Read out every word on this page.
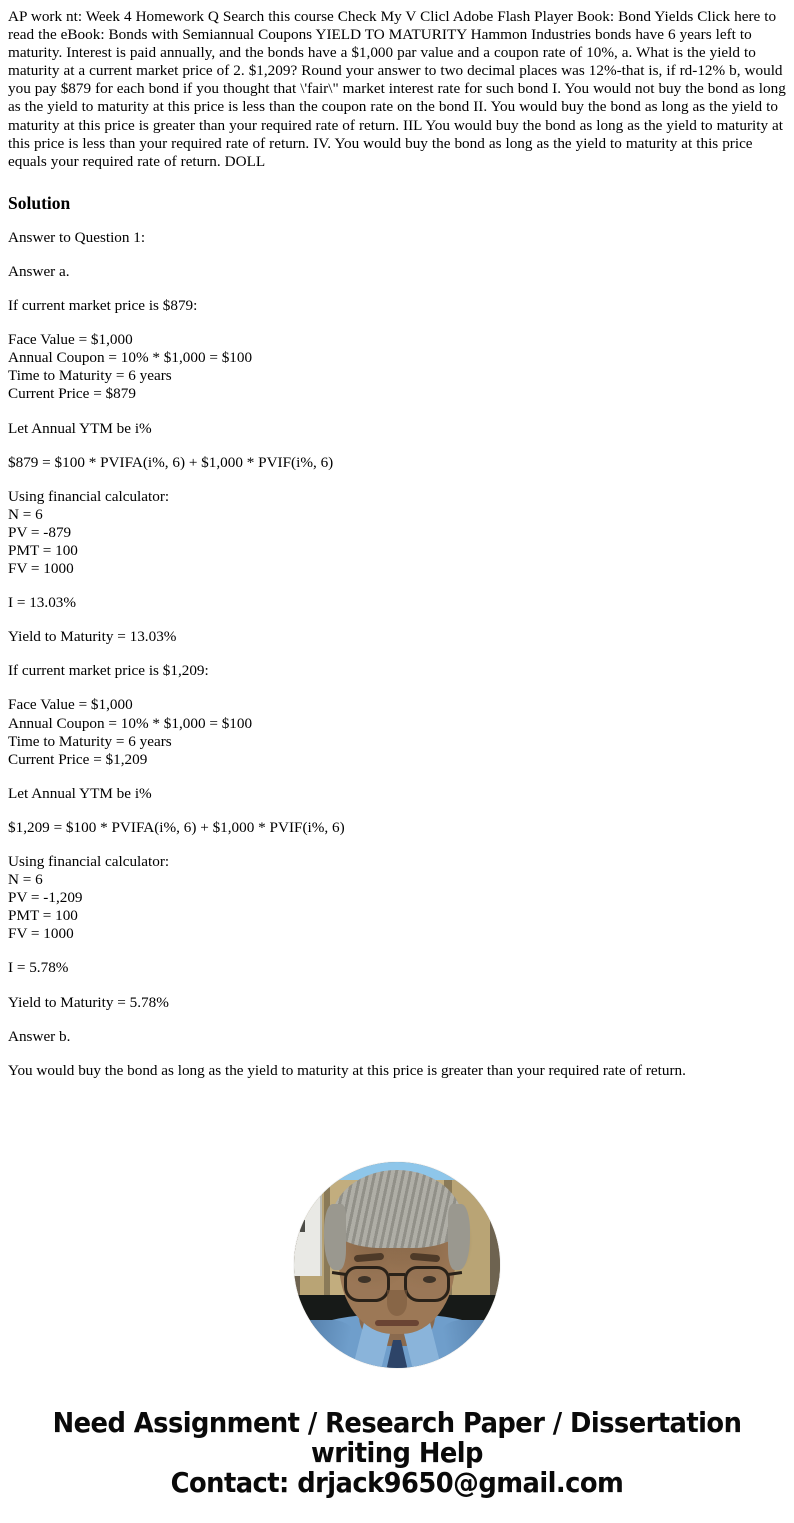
AP work nt: Week 4 Homework Q Search this course Check My V Clicl Adobe Flash Player Book: Bond Yields Click here to read the eBook: Bonds with Semiannual Coupons YIELD TO MATURITY Hammon Industries bonds have 6 years left to maturity. Interest is paid annually, and the bonds have a $1,000 par value and a coupon rate of 10%, a. What is the yield to maturity at a current market price of 2. $1,209? Round your answer to two decimal places was 12%-that is, if rd-12% b, would you pay $879 for each bond if you thought that \'fair\" market interest rate for such bond I. You would not buy the bond as long as the yield to maturity at this price is less than the coupon rate on the bond II. You would buy the bond as long as the yield to maturity at this price is greater than your required rate of return. IIL You would buy the bond as long as the yield to maturity at this price is less than your required rate of return. IV. You would buy the bond as long as the yield to maturity at this price equals your required rate of return. DOLL

Solution

Answer to Question 1:

Answer a.

If current market price is $879:

Face Value = $1,000
Annual Coupon = 10% * $1,000 = $100
Time to Maturity = 6 years
Current Price = $879

Let Annual YTM be i%

$879 = $100 * PVIFA(i%, 6) + $1,000 * PVIF(i%, 6)

Using financial calculator:
N = 6
PV = -879
PMT = 100
FV = 1000

I = 13.03%

Yield to Maturity = 13.03%

If current market price is $1,209:

Face Value = $1,000
Annual Coupon = 10% * $1,000 = $100
Time to Maturity = 6 years
Current Price = $1,209

Let Annual YTM be i%

$1,209 = $100 * PVIFA(i%, 6) + $1,000 * PVIF(i%, 6)

Using financial calculator:
N = 6
PV = -1,209
PMT = 100
FV = 1000

I = 5.78%

Yield to Maturity = 5.78%

Answer b.

You would buy the bond as long as the yield to maturity at this price is greater than your required rate of return.

Need Assignment / Research Paper / Dissertation
writing Help
Contact: drjack9650@gmail.com
